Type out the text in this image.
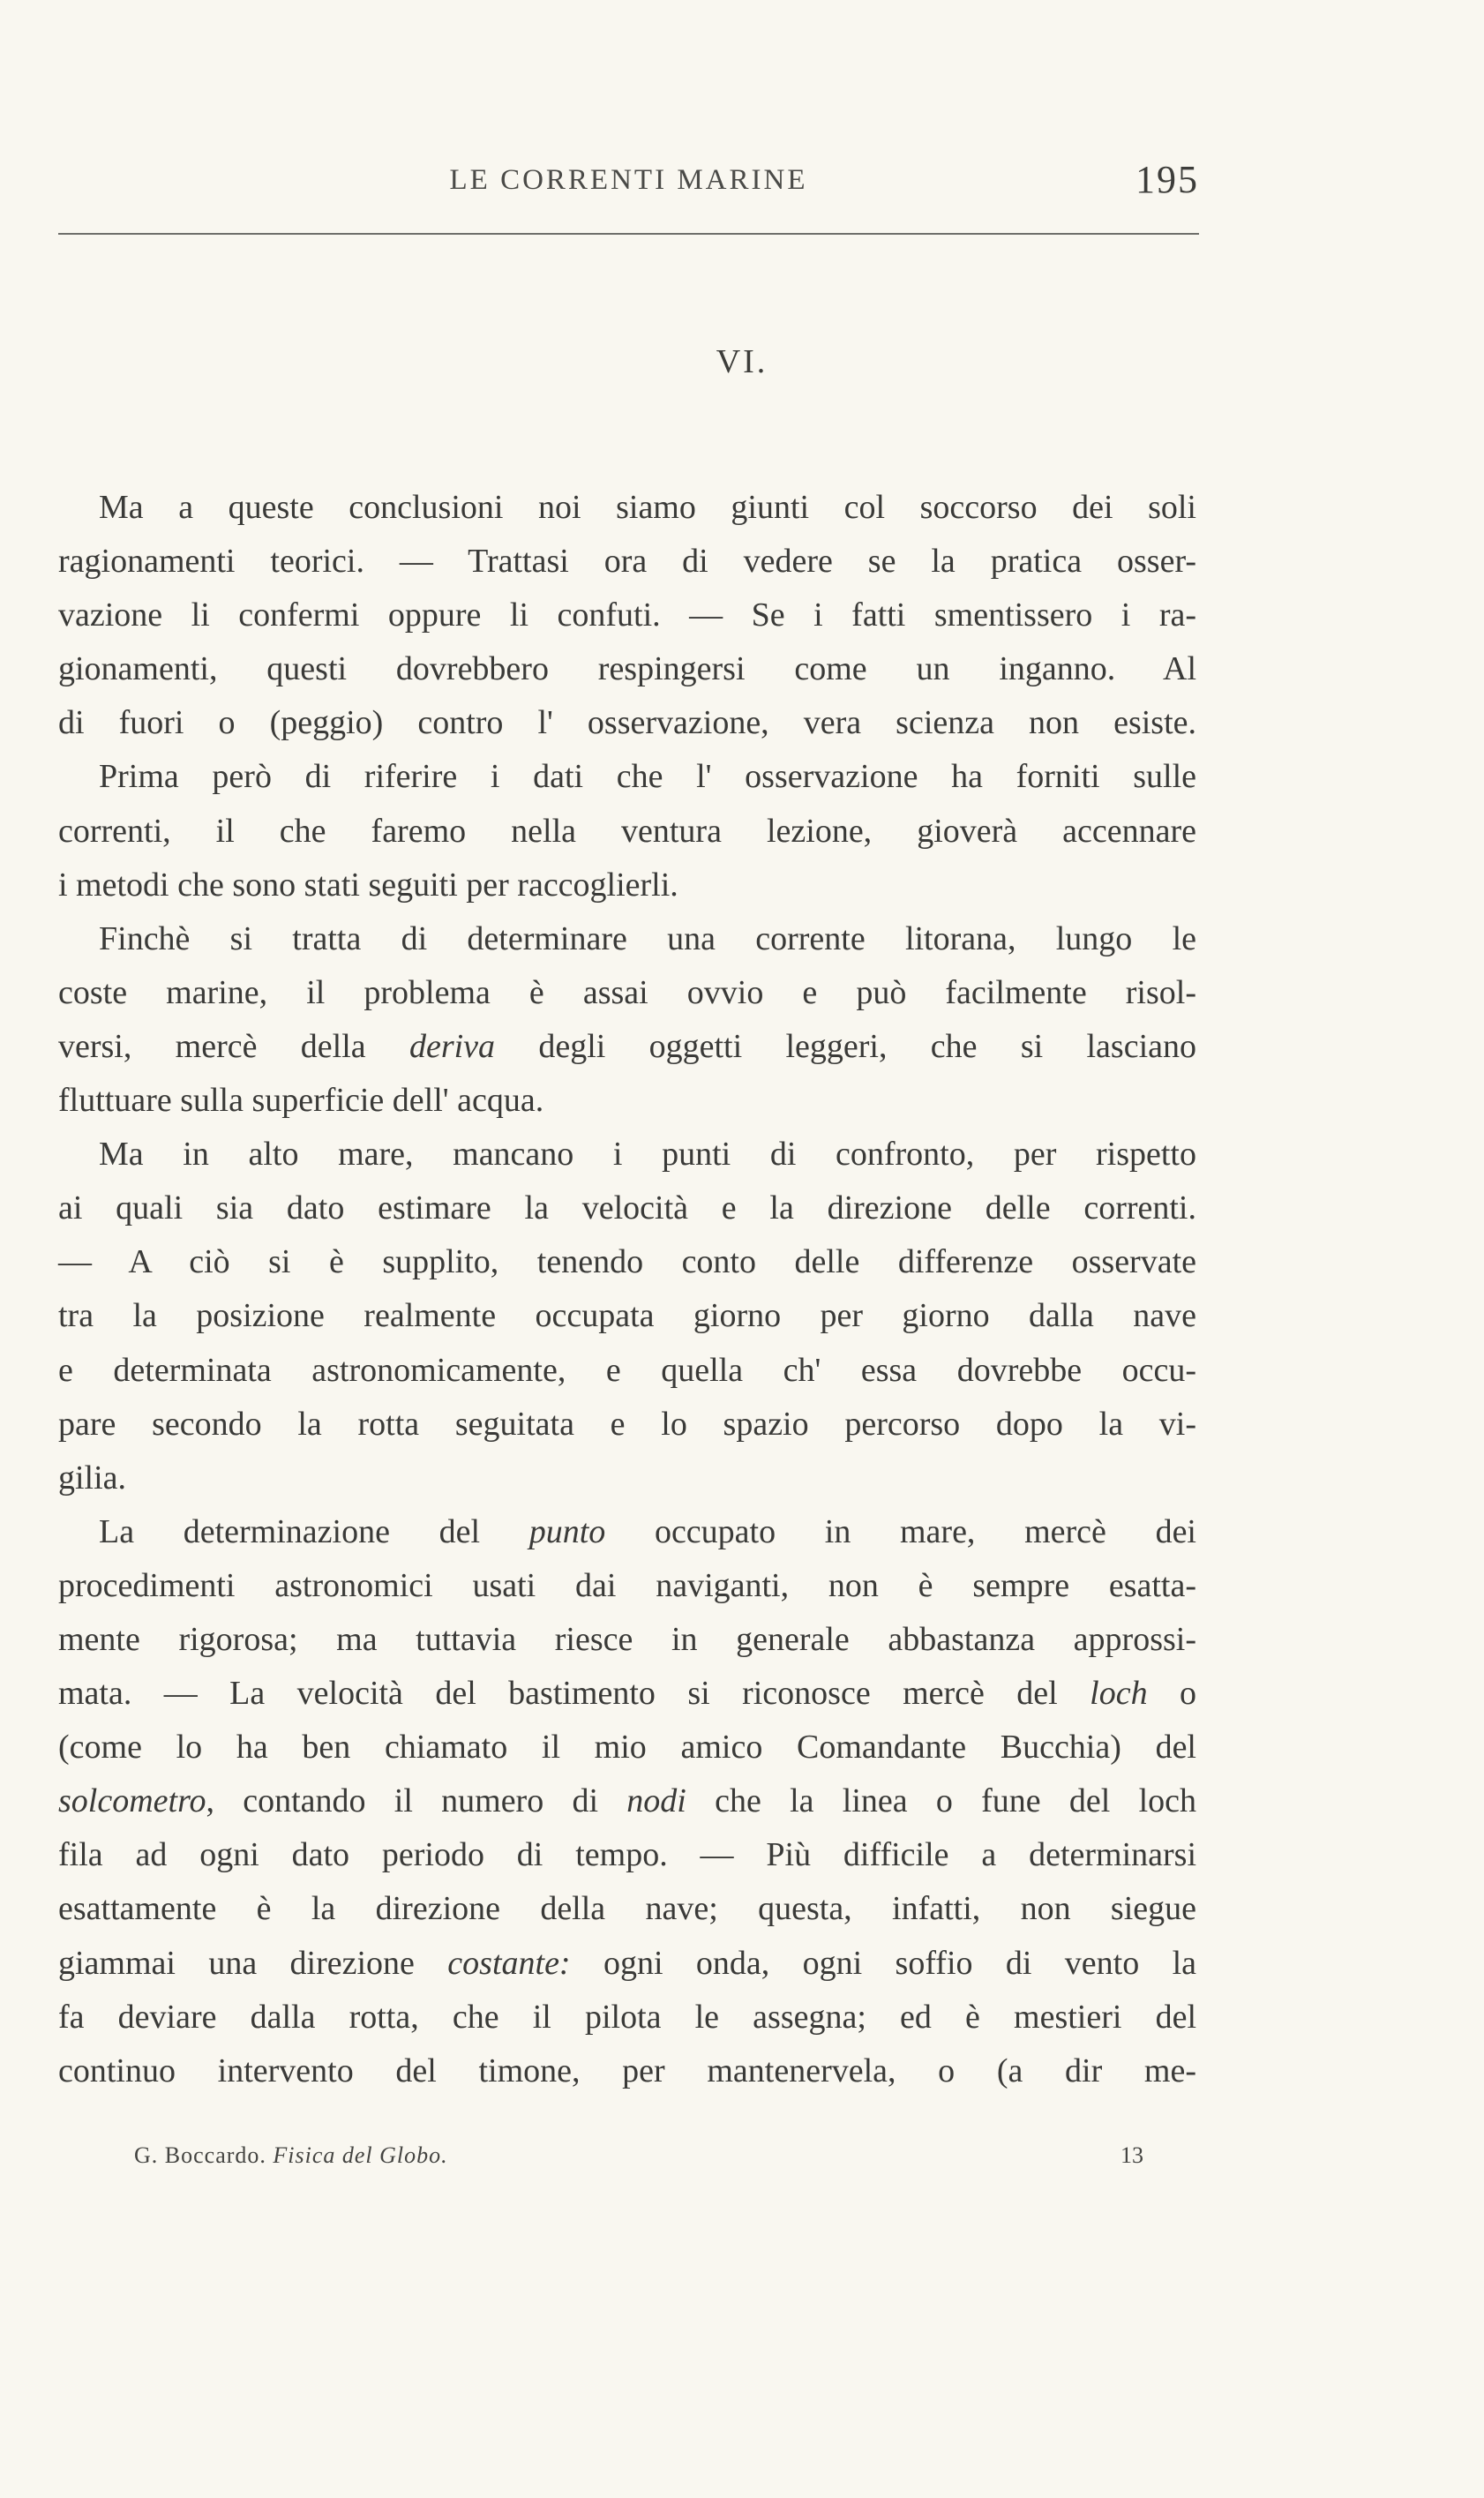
LE CORRENTI MARINE	195
VI.
Ma a queste conclusioni noi siamo giunti col soccorso dei soli
ragionamenti teorici. — Trattasi ora di vedere se la pratica osser-
vazione li confermi oppure li confuti. — Se i fatti smentissero i ra-
gionamenti, questi dovrebbero respingersi come un inganno. Al
di fuori o (peggio) contro l' osservazione, vera scienza non esiste.
Prima però di riferire i dati che l' osservazione ha forniti sulle
correnti, il che faremo nella ventura lezione, gioverà accennare
i metodi che sono stati seguiti per raccoglierli.
Finchè si tratta di determinare una corrente litorana, lungo le
coste marine, il problema è assai ovvio e può facilmente risol-
versi, mercè della deriva degli oggetti leggeri, che si lasciano
fluttuare sulla superficie dell' acqua.
Ma in alto mare, mancano i punti di confronto, per rispetto
ai quali sia dato estimare la velocità e la direzione delle correnti.
— A ciò si è supplito, tenendo conto delle differenze osservate
tra la posizione realmente occupata giorno per giorno dalla nave
e determinata astronomicamente, e quella ch' essa dovrebbe occu-
pare secondo la rotta seguitata e lo spazio percorso dopo la vi-
gilia.
La determinazione del punto occupato in mare, mercè dei
procedimenti astronomici usati dai naviganti, non è sempre esatta-
mente rigorosa; ma tuttavia riesce in generale abbastanza approssi-
mata. — La velocità del bastimento si riconosce mercè del loch o
(come lo ha ben chiamato il mio amico Comandante Bucchia) del
solcometro, contando il numero di nodi che la linea o fune del loch
fila ad ogni dato periodo di tempo. — Più difficile a determinarsi
esattamente è la direzione della nave; questa, infatti, non siegue
giammai una direzione costante: ogni onda, ogni soffio di vento la
fa deviare dalla rotta, che il pilota le assegna; ed è mestieri del
continuo intervento del timone, per mantenervela, o (a dir me-
G. Boccardo. Fisica del Globo.	13
